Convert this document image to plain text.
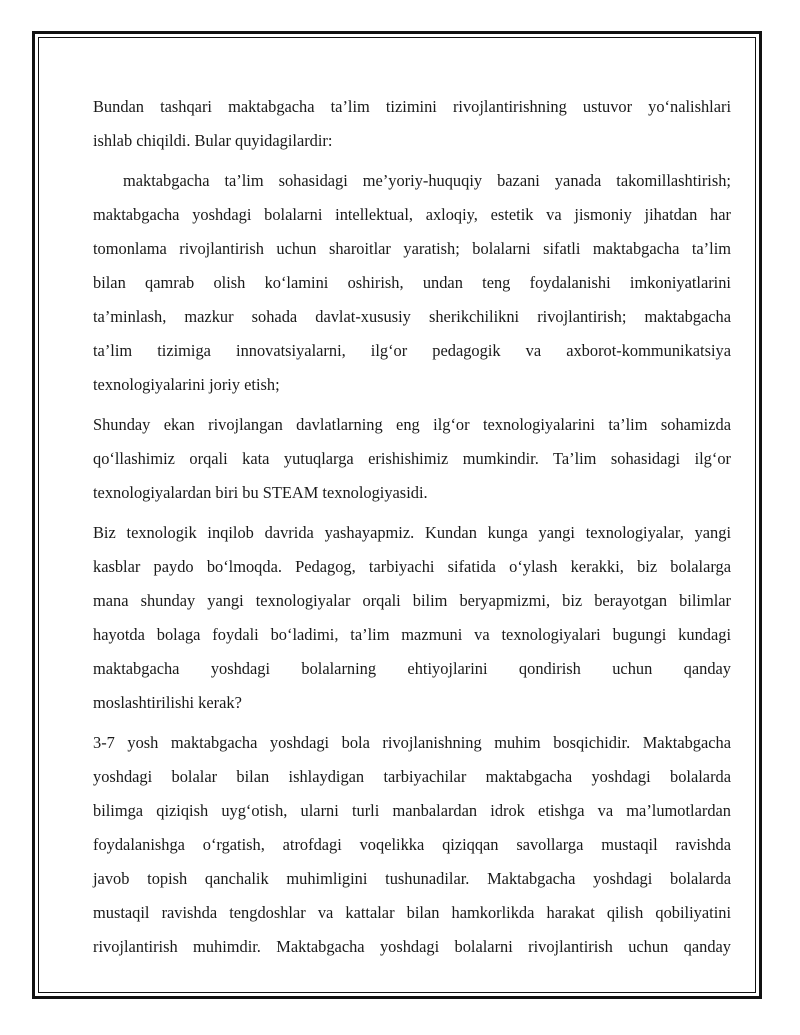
Bundan tashqari maktabgacha ta’lim tizimini rivojlantirishning ustuvor yo‘nalishlari
ishlab chiqildi. Bular quyidagilardir:
maktabgacha ta’lim sohasidagi me’yoriy-huquqiy bazani yanada takomillashtirish;
maktabgacha yoshdagi bolalarni intellektual, axloqiy, estetik va jismoniy jihatdan har
tomonlama rivojlantirish uchun sharoitlar yaratish; bolalarni sifatli maktabgacha ta’lim
bilan qamrab olish ko‘lamini oshirish, undan teng foydalanishi imkoniyatlarini
ta’minlash, mazkur sohada davlat-xususiy sherikchilikni rivojlantirish; maktabgacha
ta’lim tizimiga innovatsiyalarni, ilg‘or pedagogik va axborot-kommunikatsiya
texnologiyalarini joriy etish;
Shunday ekan rivojlangan davlatlarning eng ilg‘or texnologiyalarini ta’lim sohamizda
qo‘llashimiz orqali kata yutuqlarga erishishimiz mumkindir. Ta’lim sohasidagi ilg‘or
texnologiyalardan biri bu STEAM texnologiyasidi.
Biz texnologik inqilob davrida yashayapmiz. Kundan kunga yangi texnologiyalar, yangi
kasblar paydo bo‘lmoqda. Pedagog, tarbiyachi sifatida o‘ylash kerakki, biz bolalarga
mana shunday yangi texnologiyalar orqali bilim beryapmizmi, biz berayotgan bilimlar
hayotda bolaga foydali bo‘ladimi, ta’lim mazmuni va texnologiyalari bugungi kundagi
maktabgacha yoshdagi bolalarning ehtiyojlarini qondirish uchun qanday
moslashtirilishi kerak?
3-7 yosh maktabgacha yoshdagi bola rivojlanishning muhim bosqichidir. Maktabgacha
yoshdagi bolalar bilan ishlaydigan tarbiyachilar maktabgacha yoshdagi bolalarda
bilimga qiziqish uyg‘otish, ularni turli manbalardan idrok etishga va ma’lumotlardan
foydalanishga o‘rgatish, atrofdagi voqelikka qiziqqan savollarga mustaqil ravishda
javob topish qanchalik muhimligini tushunadilar. Maktabgacha yoshdagi bolalarda
mustaqil ravishda tengdoshlar va kattalar bilan hamkorlikda harakat qilish qobiliyatini
rivojlantirish muhimdir. Maktabgacha yoshdagi bolalarni rivojlantirish uchun qanday
